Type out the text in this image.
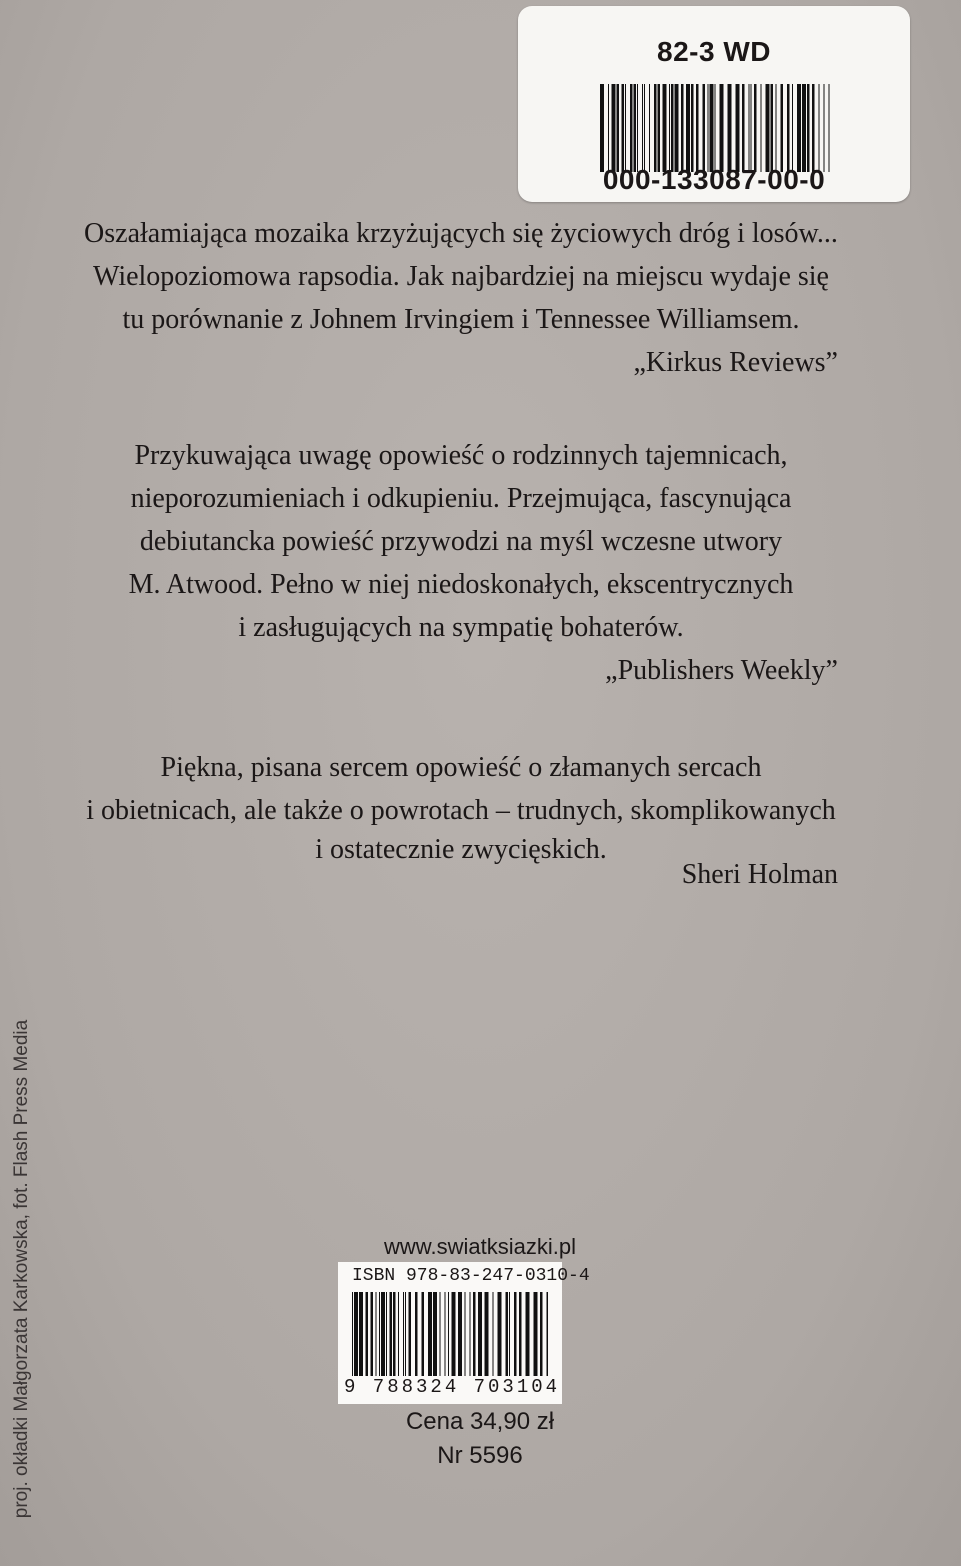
82-3 WD
000-133087-00-0
Oszałamiająca mozaika krzyżujących się życiowych dróg i losów...
Wielopoziomowa rapsodia. Jak najbardziej na miejscu wydaje się
tu porównanie z Johnem Irvingiem i Tennessee Williamsem.
„Kirkus Reviews”
Przykuwająca uwagę opowieść o rodzinnych tajemnicach,
nieporozumieniach i odkupieniu. Przejmująca, fascynująca
debiutancka powieść przywodzi na myśl wczesne utwory
M. Atwood. Pełno w niej niedoskonałych, ekscentrycznych
i zasługujących na sympatię bohaterów.
„Publishers Weekly”
Piękna, pisana sercem opowieść o złamanych sercach
i obietnicach, ale także o powrotach – trudnych, skomplikowanych
i ostatecznie zwycięskich.
Sheri Holman
proj. okładki Małgorzata Karkowska, fot. Flash Press Media	www.swiatksiazki.pl
ISBN 978-83-247-0310-4
9 788324 703104
Cena 34,90 zł
Nr 5596
